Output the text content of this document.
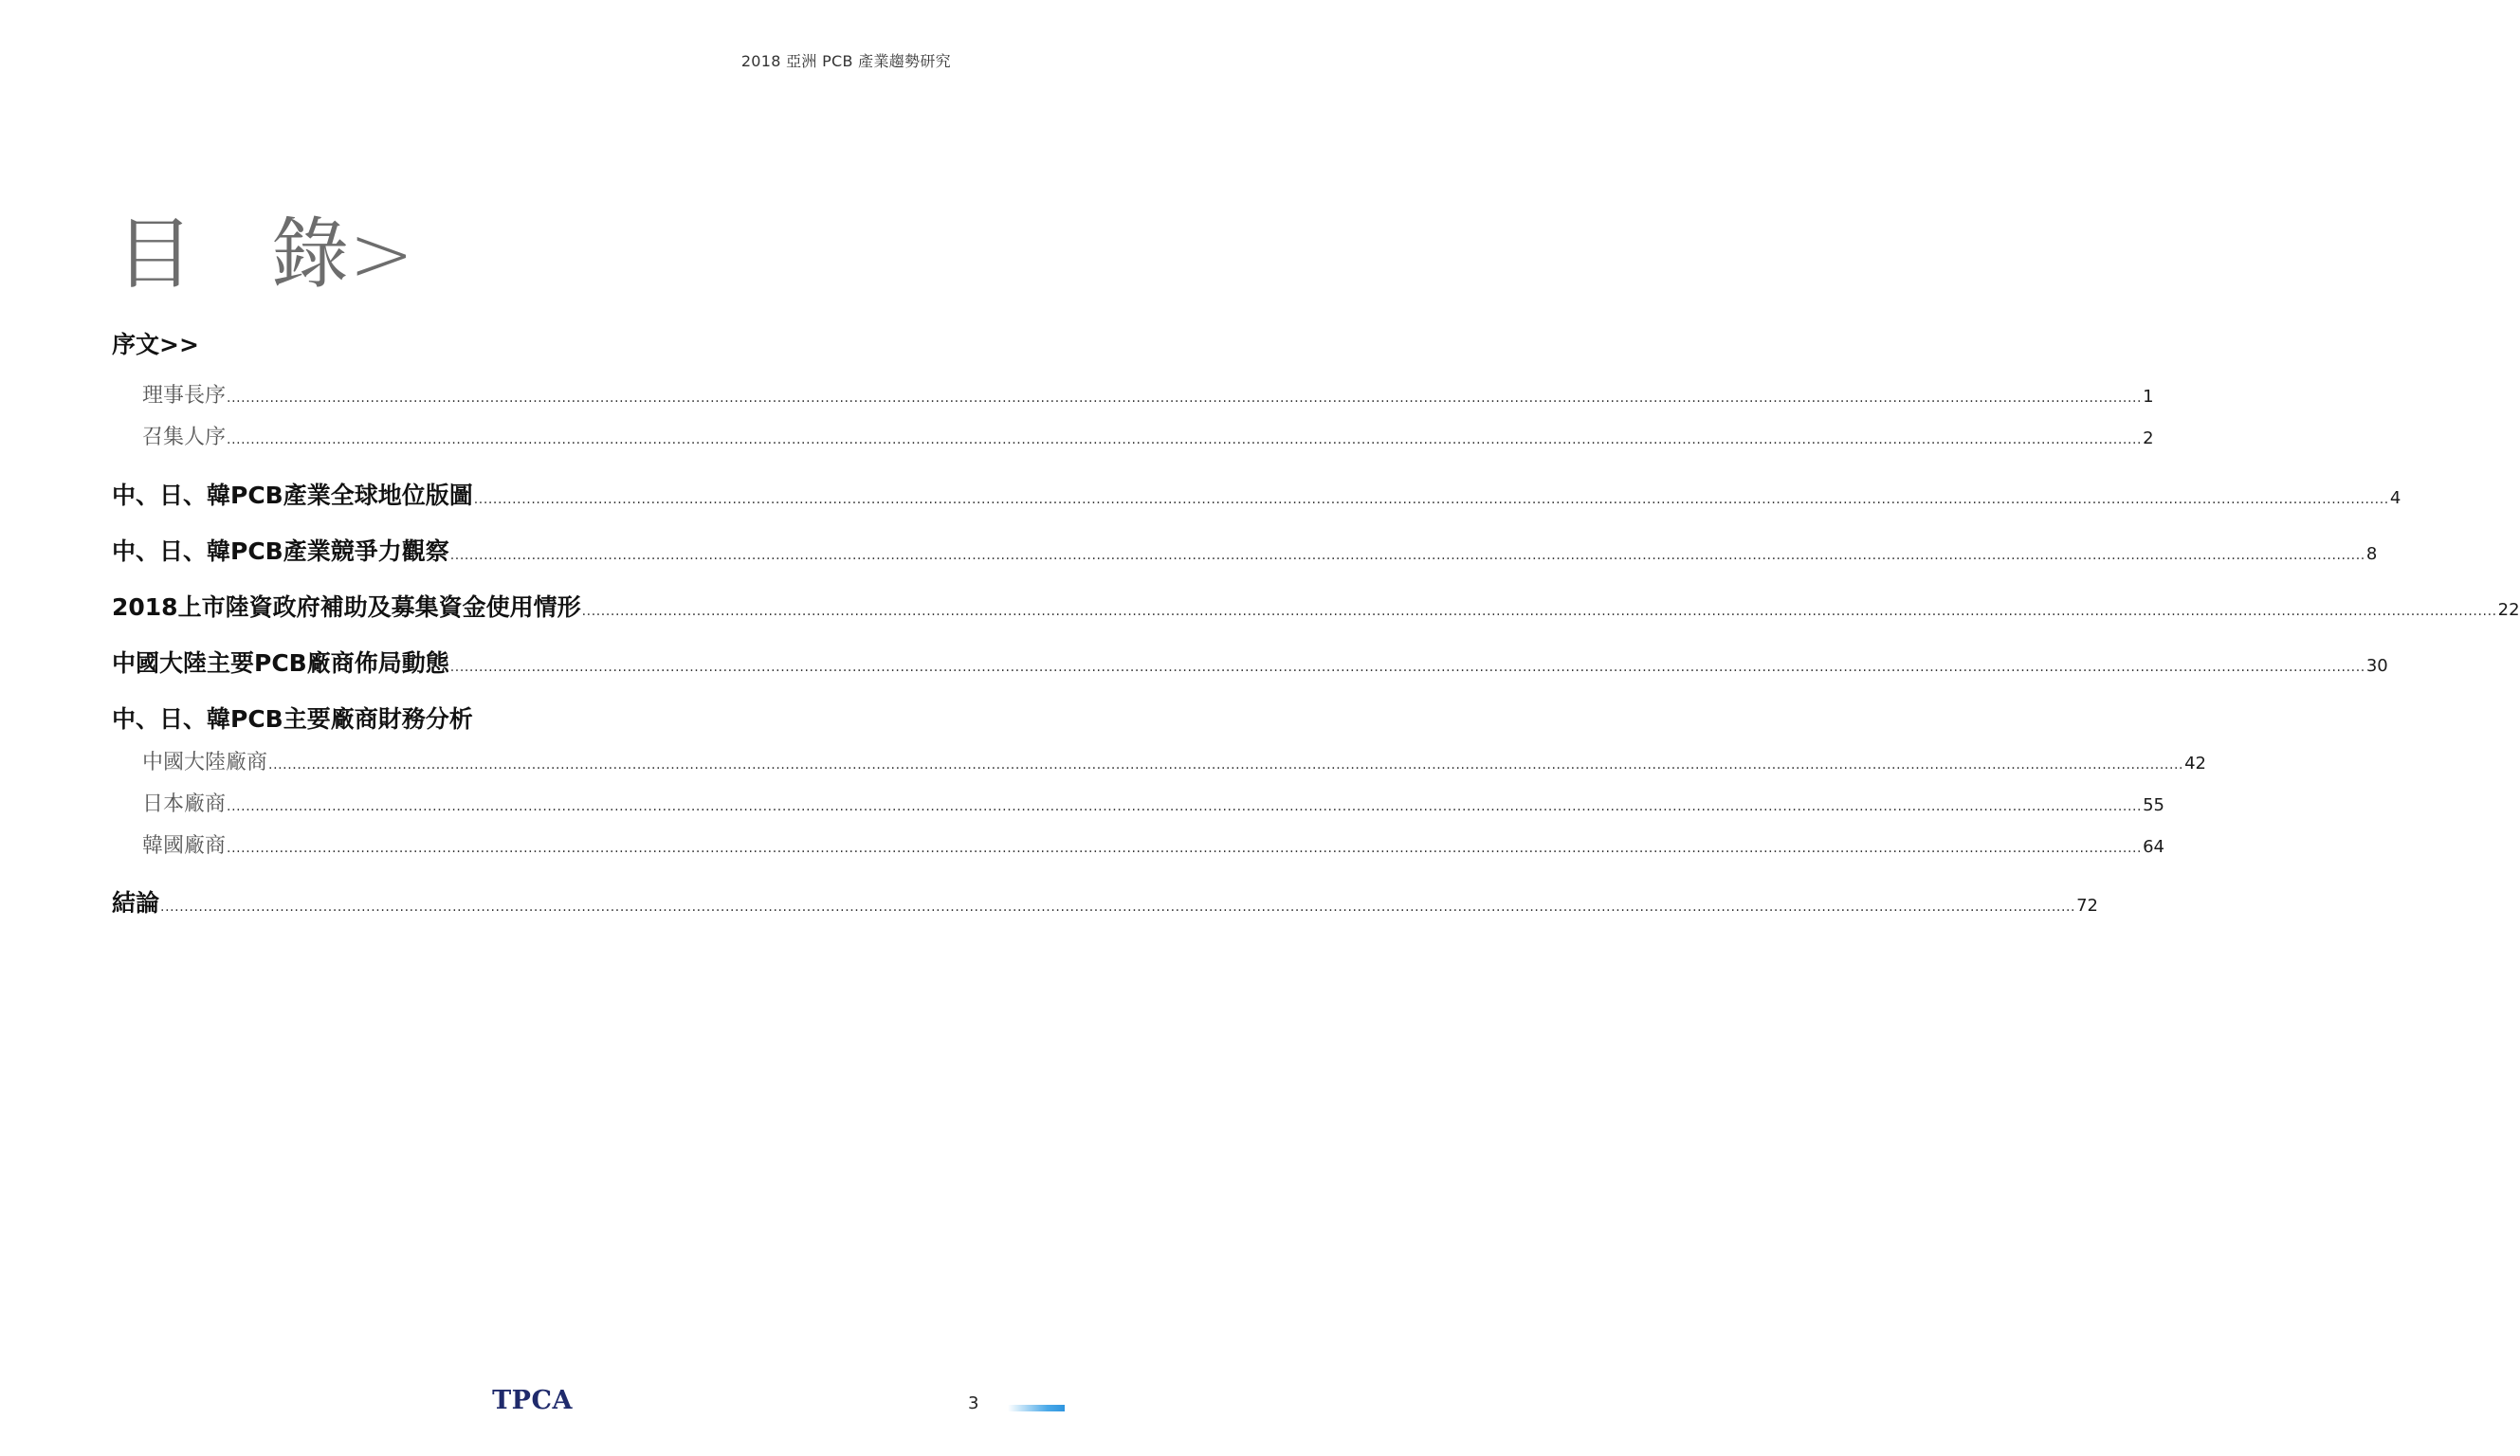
2018 亞洲 PCB 產業趨勢研究
目　錄>
序文>>
理事長序 ................................................................................................................................................................................................................................................................................................................................................................................................................ 1
召集人序 ................................................................................................................................................................................................................................................................................................................................................................................................................ 2
中、日、韓PCB產業全球地位版圖 ................................................................................................................................................................................................................................................................................................................................................................................................................ 4
中、日、韓PCB產業競爭力觀察 ................................................................................................................................................................................................................................................................................................................................................................................................................ 8
2018上市陸資政府補助及募集資金使用情形 ................................................................................................................................................................................................................................................................................................................................................................................................................ 22
中國大陸主要PCB廠商佈局動態 ................................................................................................................................................................................................................................................................................................................................................................................................................ 30
中、日、韓PCB主要廠商財務分析
中國大陸廠商 ................................................................................................................................................................................................................................................................................................................................................................................................................ 42
日本廠商 ................................................................................................................................................................................................................................................................................................................................................................................................................ 55
韓國廠商 ................................................................................................................................................................................................................................................................................................................................................................................................................ 64
結論 ................................................................................................................................................................................................................................................................................................................................................................................................................ 72
TPCA	3
